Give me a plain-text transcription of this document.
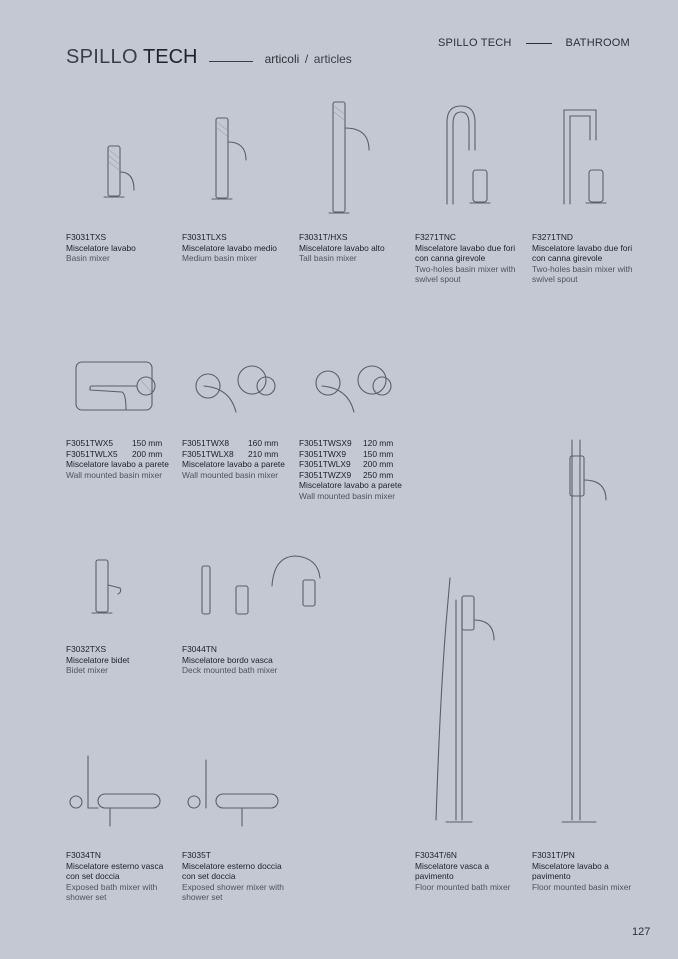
SPILLO TECH	articoli / articles
SPILLO TECH	BATHROOM
F3031TXS
Miscelatore lavabo
Basin mixer
F3031TLXS
Miscelatore lavabo medio
Medium basin mixer
F3031T/HXS
Miscelatore lavabo alto
Tall basin mixer
F3271TNC
Miscelatore lavabo due fori con canna girevole
Two-holes basin mixer with swivel spout
F3271TND
Miscelatore lavabo due fori con canna girevole
Two-holes basin mixer with swivel spout
F3051TWX5	150 mm
F3051TWLX5	200 mm
Miscelatore lavabo a parete
Wall mounted basin mixer
F3051TWX8	160 mm
F3051TWLX8	210 mm
Miscelatore lavabo a parete
Wall mounted basin mixer
F3051TWSX9	120 mm
F3051TWX9	150 mm
F3051TWLX9	200 mm
F3051TWZX9	250 mm
Miscelatore lavabo a parete
Wall mounted basin mixer
F3032TXS
Miscelatore bidet
Bidet mixer
F3044TN
Miscelatore bordo vasca
Deck mounted bath mixer
F3034TN
Miscelatore esterno vasca con set doccia
Exposed bath mixer with shower set
F3035T
Miscelatore esterno doccia con set doccia
Exposed shower mixer with shower set
F3034T/6N
Miscelatore vasca a pavimento
Floor mounted bath mixer
F3031T/PN
Miscelatore lavabo a pavimento
Floor mounted basin mixer
127
